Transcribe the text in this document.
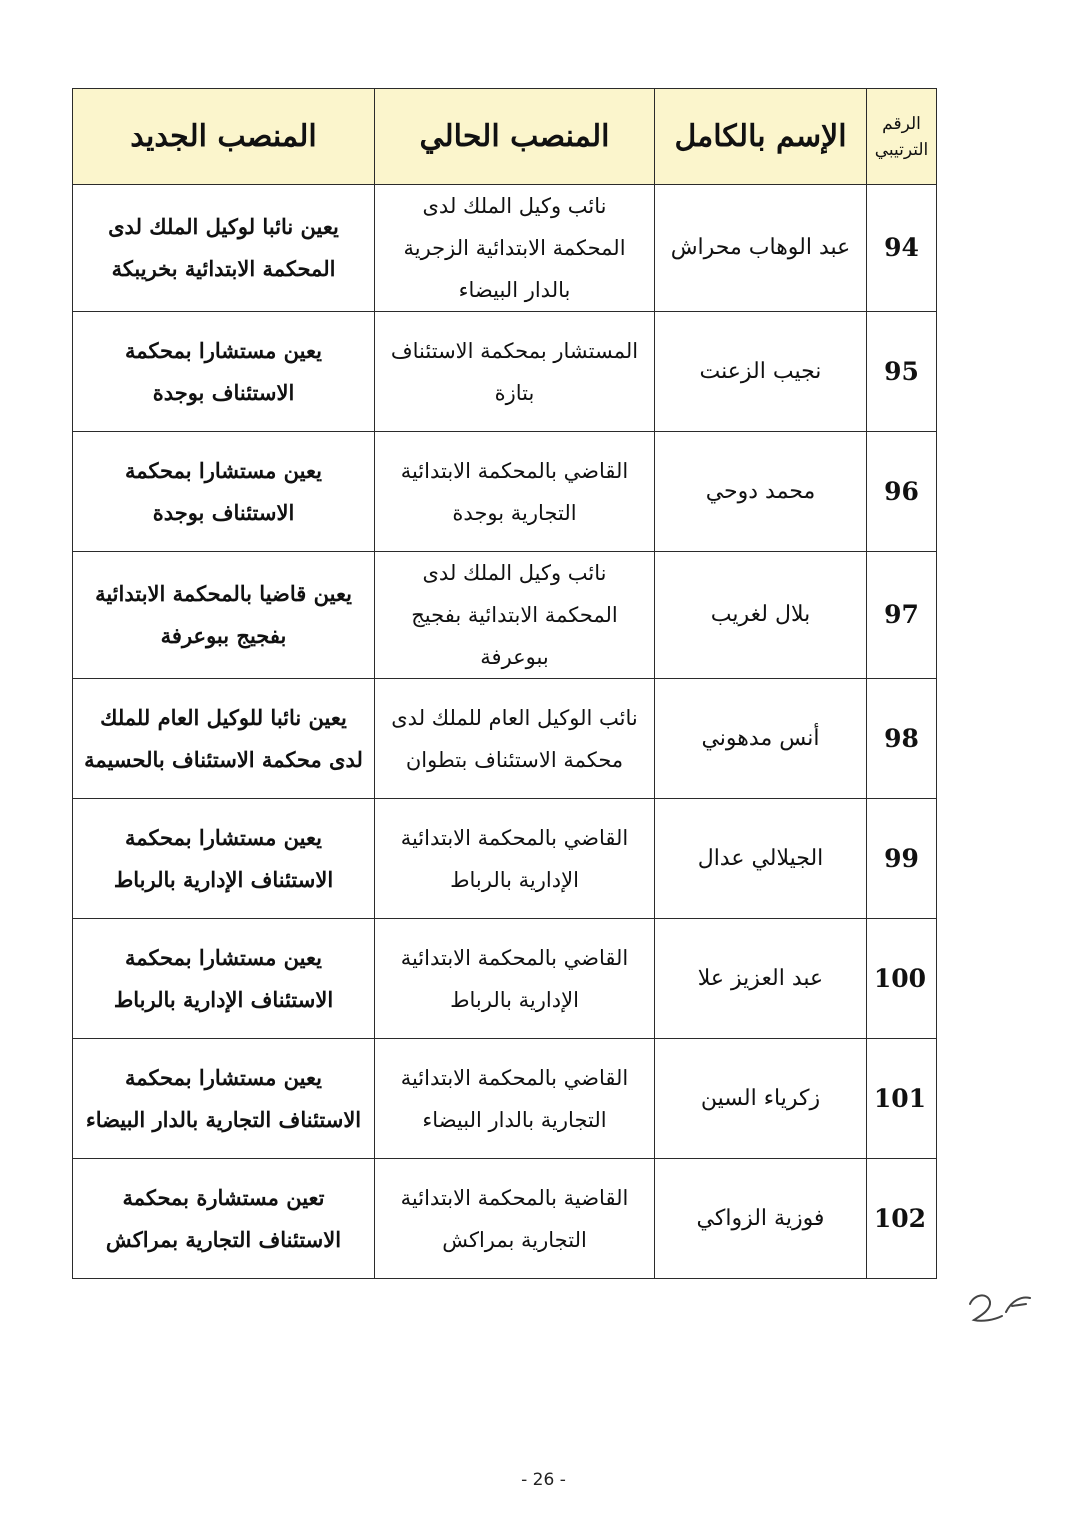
الرقم الترتيبي	الإسم بالكامل	المنصب الحالي	المنصب الجديد
94	عبد الوهاب محراش	نائب وكيل الملك لدى المحكمة الابتدائية الزجرية بالدار البيضاء	يعين نائبا لوكيل الملك لدى المحكمة الابتدائية بخريبكة
95	نجيب الزعنت	المستشار بمحكمة الاستئناف بتازة	يعين مستشارا بمحكمة الاستئناف بوجدة
96	محمد دوحي	القاضي بالمحكمة الابتدائية التجارية بوجدة	يعين مستشارا بمحكمة الاستئناف بوجدة
97	بلال لغريب	نائب وكيل الملك لدى المحكمة الابتدائية بفجيج ببوعرفة	يعين قاضيا بالمحكمة الابتدائية بفجيج ببوعرفة
98	أنس مدهوني	نائب الوكيل العام للملك لدى محكمة الاستئناف بتطوان	يعين نائبا للوكيل العام للملك لدى محكمة الاستئناف بالحسيمة
99	الجيلالي عدال	القاضي بالمحكمة الابتدائية الإدارية بالرباط	يعين مستشارا بمحكمة الاستئناف الإدارية بالرباط
100	عبد العزيز علا	القاضي بالمحكمة الابتدائية الإدارية بالرباط	يعين مستشارا بمحكمة الاستئناف الإدارية بالرباط
101	زكرياء السين	القاضي بالمحكمة الابتدائية التجارية بالدار البيضاء	يعين مستشارا بمحكمة الاستئناف التجارية بالدار البيضاء
102	فوزية الزواكي	القاضية بالمحكمة الابتدائية التجارية بمراكش	تعين مستشارة بمحكمة الاستئناف التجارية بمراكش
- 26 -
